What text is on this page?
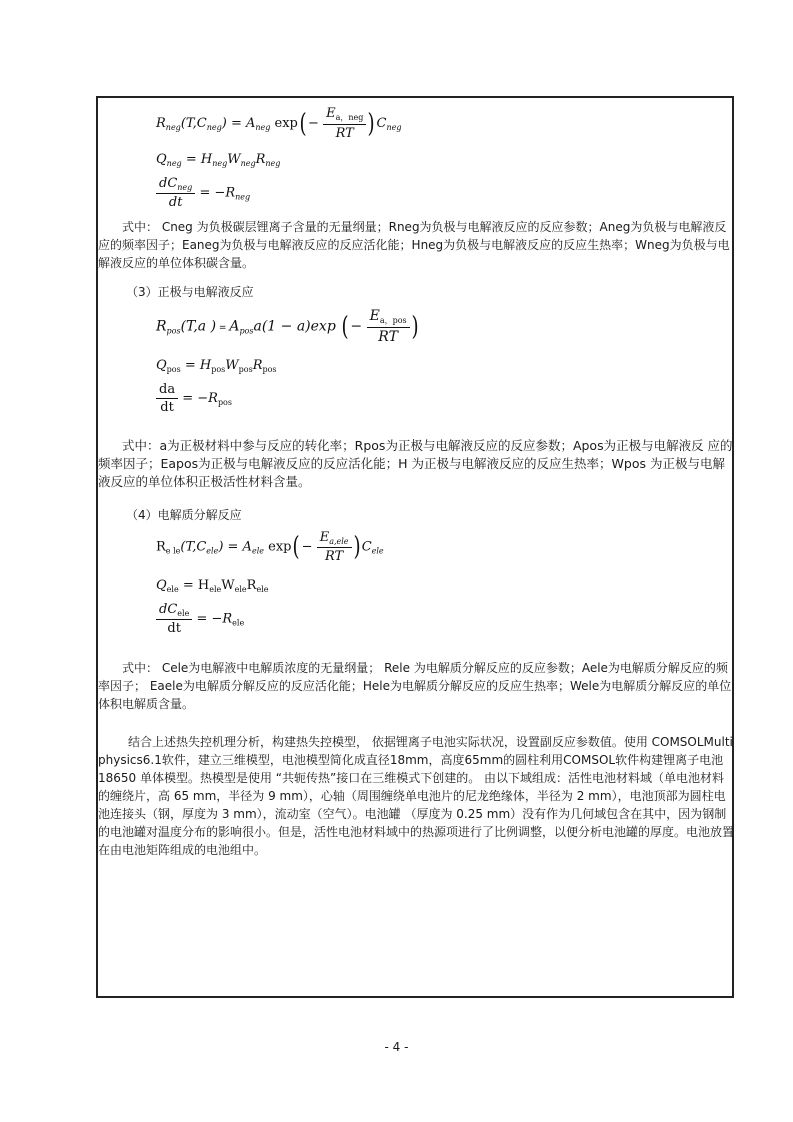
$R_{neg}(T,C_{neg}) = A_{neg}$ $\exp( - \frac{E_{a,neg}}{RT}$ ) $C_{neg}$
$Q_{neg} = H_{neg}W_{neg}R_{neg}$
$\frac{dC_{neg}}{dt} = -R_{neg}$

式中： Cneg 为负极碳层锂离子含量的无量纲量；Rneg为负极与电解液反应的反应参数；Aneg为负极与电解液反应的频率因子；Eaneg为负极与电解液反应的反应活化能；Hneg为负极与电解液反应的反应生热率；Wneg为负极与电解液反应的单位体积碳含量。

（3）正极与电解液反应
$R_{pos}(T,a$ ) = $A_{pos}a(1 - a)\exp$ ( − $\frac{E_{a,pos}}{RT}$ )
$Q_{pos} = H_{pos}W_{pos}R_{pos}$
$\frac{da}{dt} = -R_{pos}$

式中：a为正极材料中参与反应的转化率；Rpos为正极与电解液反应的反应参数；Apos为正极与电解液反 应的频率因子；Eapos为正极与电解液反应的反应活化能；H 为正极与电解液反应的反应生热率；Wpos 为正极与电解液反应的单位体积正极活性材料含量。

（4）电解质分解反应
$R_{e le}(T,C_{ele}) = A_{ele}$ $\exp( - \frac{E_{a,ele}}{RT}$ ) $C_{ele}$
$Q_{ele} = H_{ele}W_{ele}R_{ele}$
$\frac{dC_{ele}}{dt} = -R_{ele}$

式中： Cele为电解液中电解质浓度的无量纲量； Rele 为电解质分解反应的反应参数；Aele为电解质分解反应的频率因子； Eaele为电解质分解反应的反应活化能；Hele为电解质分解反应的反应生热率；Wele为电解质分解反应的单位体积电解质含量。

结合上述热失控机理分析，构建热失控模型， 依据锂离子电池实际状况，设置副反应参数值。使用 COMSOLMultiphysics6.1软件，建立三维模型，电池模型简化成直径18mm，高度65mm的圆柱利用COMSOL软件构建锂离子电池 18650 单体模型。热模型是使用 “共轭传热”接口在三维模式下创建的。 由以下域组成：活性电池材料域（单电池材料的缠绕片，高 65 mm，半径为 9 mm），心轴（周围缠绕单电池片的尼龙绝缘体，半径为 2 mm），电池顶部为圆柱电池连接头（钢，厚度为 3 mm），流动室（空气）。电池罐 （厚度为 0.25 mm）没有作为几何域包含在其中，因为钢制的电池罐对温度分布的影响很小。但是，活性电池材料域中的热源项进行了比例调整，以便分析电池罐的厚度。电池放置在由电池矩阵组成的电池组中。

- 4 -
